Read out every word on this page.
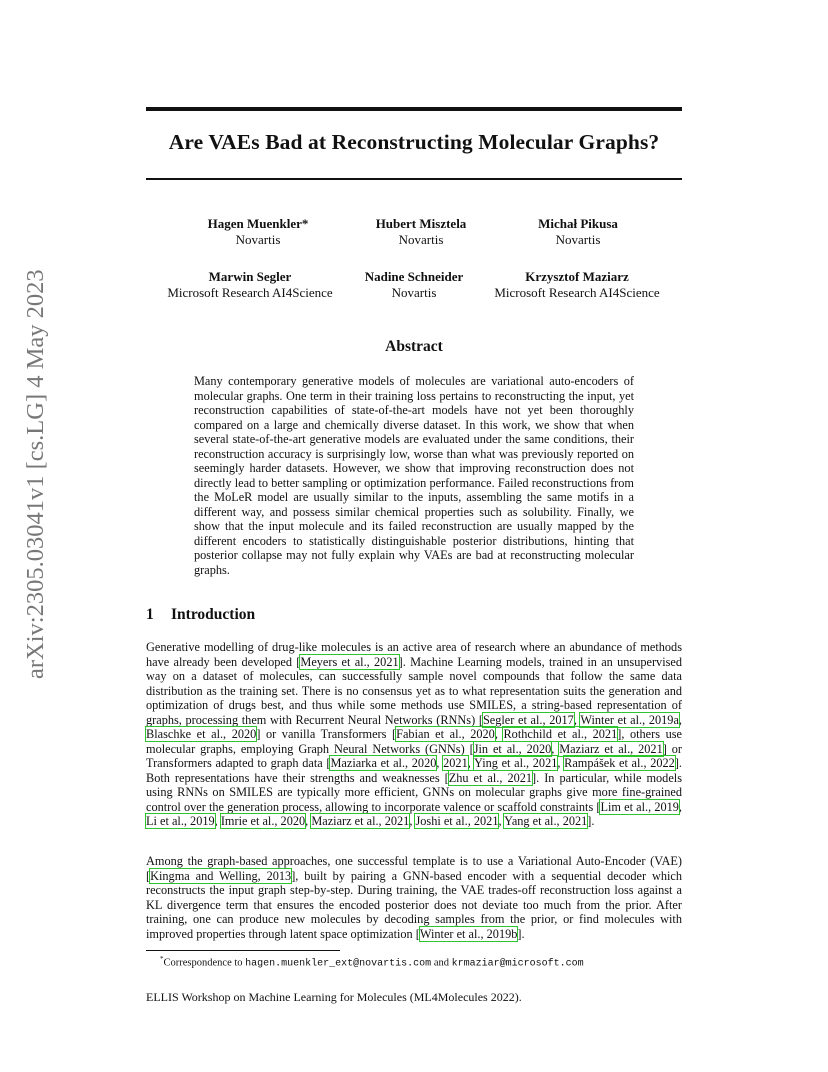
arXiv:2305.03041v1 [cs.LG] 4 May 2023
Are VAEs Bad at Reconstructing Molecular Graphs?
Hagen Muenkler*
Novartis
Hubert Misztela
Novartis
Michał Pikusa
Novartis
Marwin Segler
Microsoft Research AI4Science
Nadine Schneider
Novartis
Krzysztof Maziarz
Microsoft Research AI4Science
Abstract
Many contemporary generative models of molecules are variational auto-encoders of molecular graphs. One term in their training loss pertains to reconstructing the input, yet reconstruction capabilities of state-of-the-art models have not yet been thoroughly compared on a large and chemically diverse dataset. In this work, we show that when several state-of-the-art generative models are evaluated under the same conditions, their reconstruction accuracy is surprisingly low, worse than what was previously reported on seemingly harder datasets. However, we show that improving reconstruction does not directly lead to better sampling or optimization performance. Failed reconstructions from the MoLeR model are usually similar to the inputs, assembling the same motifs in a different way, and possess similar chemical properties such as solubility. Finally, we show that the input molecule and its failed reconstruction are usually mapped by the different encoders to statistically distinguishable posterior distributions, hinting that posterior collapse may not fully explain why VAEs are bad at reconstructing molecular graphs.
1 Introduction
Generative modelling of drug-like molecules is an active area of research where an abundance of methods have already been developed [Meyers et al., 2021]. Machine Learning models, trained in an unsupervised way on a dataset of molecules, can successfully sample novel compounds that follow the same data distribution as the training set. There is no consensus yet as to what representation suits the generation and optimization of drugs best, and thus while some methods use SMILES, a string-based representation of graphs, processing them with Recurrent Neural Networks (RNNs) [Segler et al., 2017, Winter et al., 2019a, Blaschke et al., 2020] or vanilla Transformers [Fabian et al., 2020, Rothchild et al., 2021], others use molecular graphs, employing Graph Neural Networks (GNNs) [Jin et al., 2020, Maziarz et al., 2021] or Transformers adapted to graph data [Maziarka et al., 2020, 2021, Ying et al., 2021, Rampášek et al., 2022]. Both representations have their strengths and weaknesses [Zhu et al., 2021]. In particular, while models using RNNs on SMILES are typically more efficient, GNNs on molecular graphs give more fine-grained control over the generation process, allowing to incorporate valence or scaffold constraints [Lim et al., 2019, Li et al., 2019, Imrie et al., 2020, Maziarz et al., 2021, Joshi et al., 2021, Yang et al., 2021].
Among the graph-based approaches, one successful template is to use a Variational Auto-Encoder (VAE) [Kingma and Welling, 2013], built by pairing a GNN-based encoder with a sequential decoder which reconstructs the input graph step-by-step. During training, the VAE trades-off reconstruction loss against a KL divergence term that ensures the encoded posterior does not deviate too much from the prior. After training, one can produce new molecules by decoding samples from the prior, or find molecules with improved properties through latent space optimization [Winter et al., 2019b].
*Correspondence to hagen.muenkler_ext@novartis.com and krmaziar@microsoft.com
ELLIS Workshop on Machine Learning for Molecules (ML4Molecules 2022).
